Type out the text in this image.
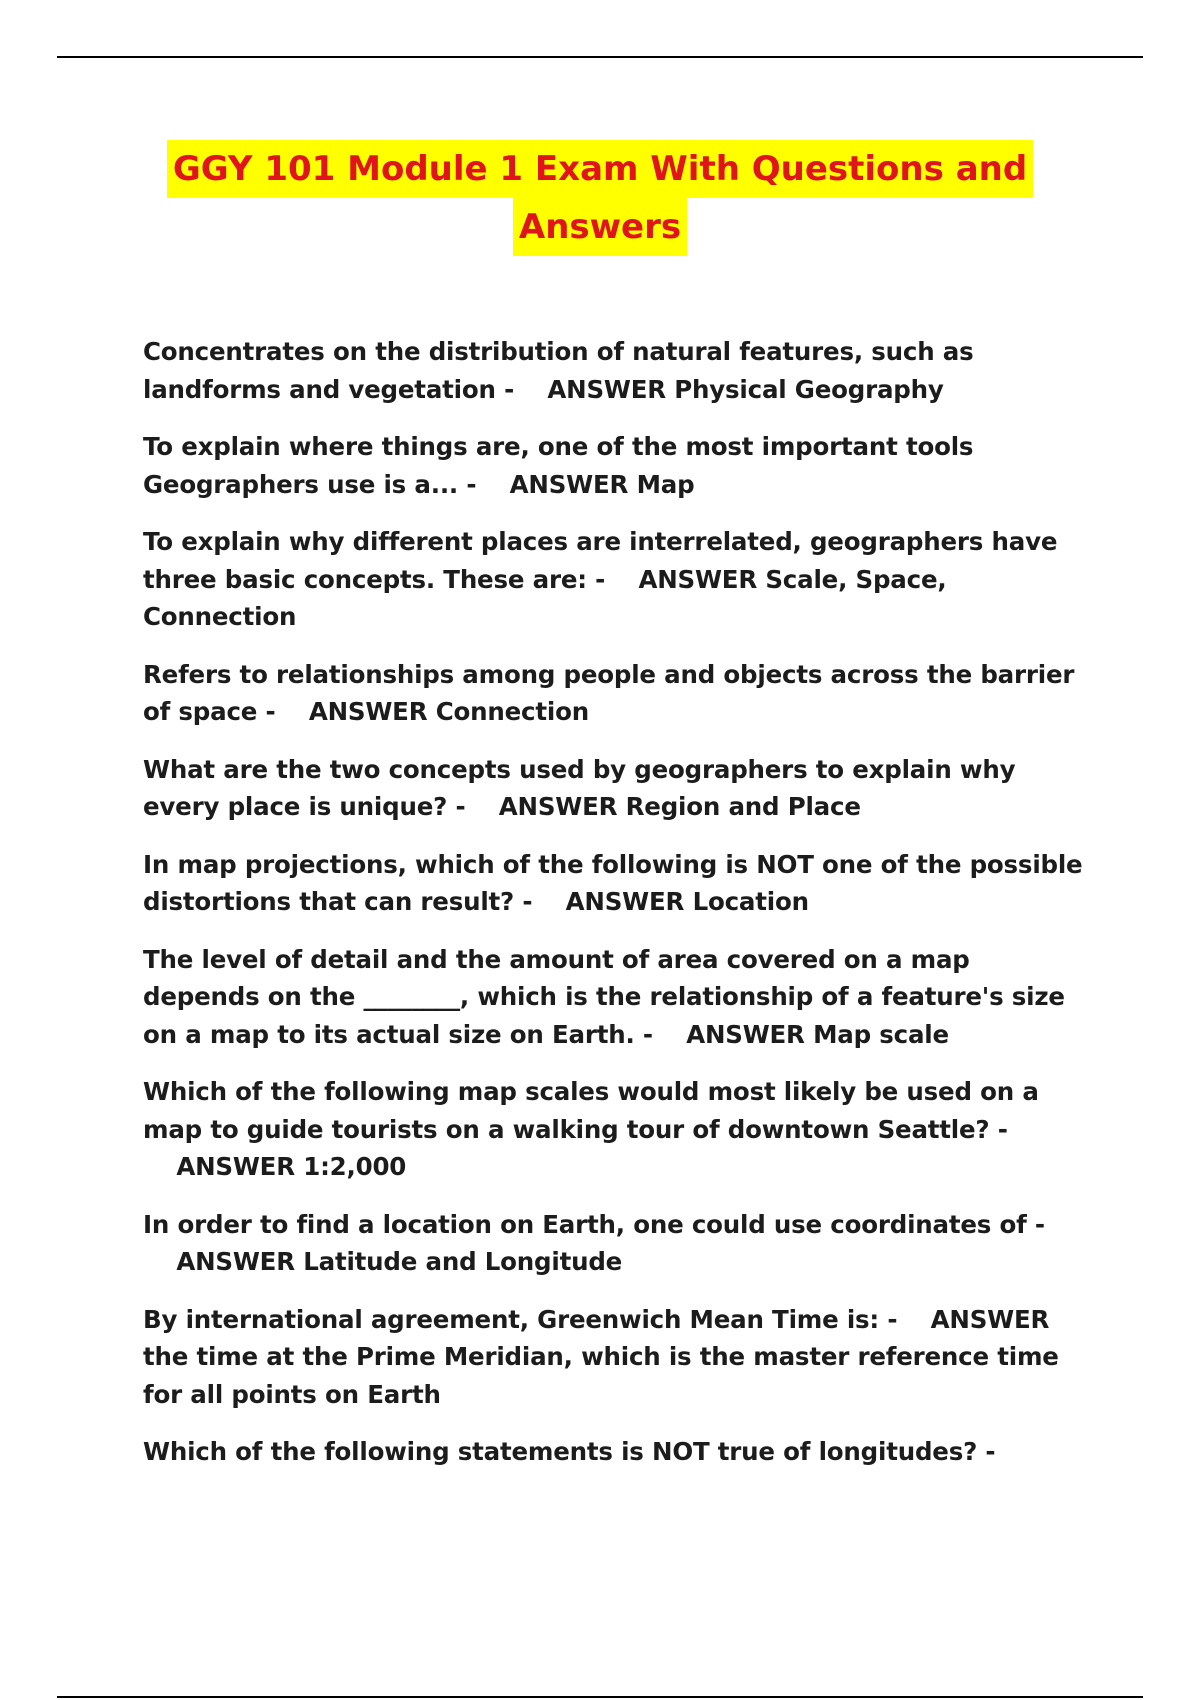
GGY 101 Module 1 Exam With Questions and
Answers

Concentrates on the distribution of natural features, such as landforms and vegetation - ANSWER Physical Geography

To explain where things are, one of the most important tools Geographers use is a... - ANSWER Map

To explain why different places are interrelated, geographers have three basic concepts. These are: - ANSWER Scale, Space, Connection

Refers to relationships among people and objects across the barrier of space - ANSWER Connection

What are the two concepts used by geographers to explain why every place is unique? - ANSWER Region and Place

In map projections, which of the following is NOT one of the possible distortions that can result? - ANSWER Location

The level of detail and the amount of area covered on a map depends on the ________, which is the relationship of a feature's size on a map to its actual size on Earth. - ANSWER Map scale

Which of the following map scales would most likely be used on a map to guide tourists on a walking tour of downtown Seattle? -    ANSWER 1:2,000

In order to find a location on Earth, one could use coordinates of -    ANSWER Latitude and Longitude

By international agreement, Greenwich Mean Time is: - ANSWER the time at the Prime Meridian, which is the master reference time for all points on Earth

Which of the following statements is NOT true of longitudes? -
